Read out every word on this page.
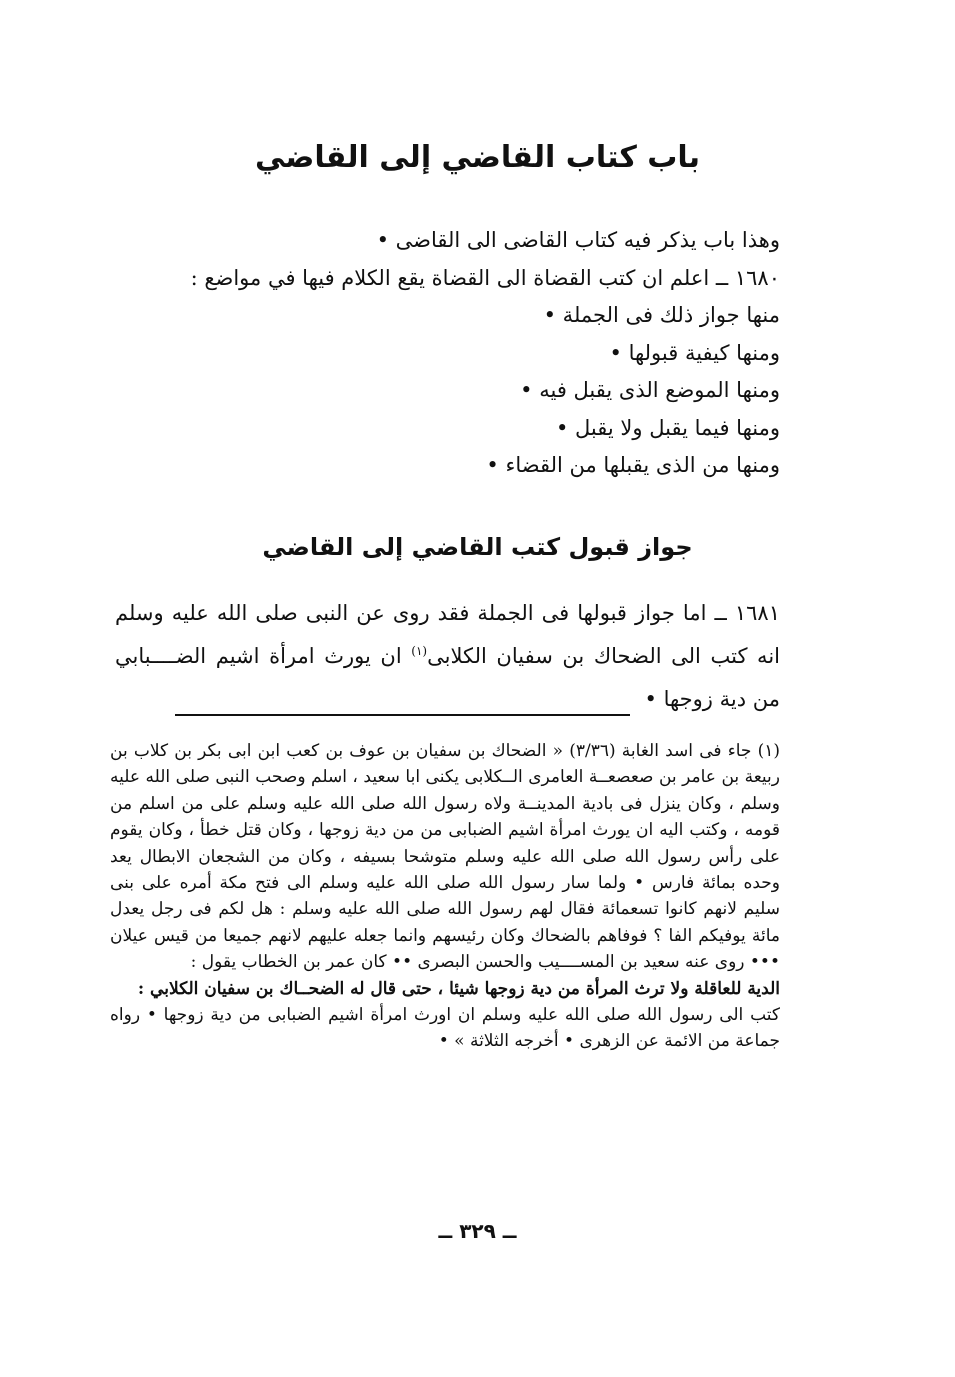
باب كتاب القاضي إلى القاضي
وهذا باب يذكر فيه كتاب القاضى الى القاضى •
١٦٨٠ ــ اعلم ان كتب القضاة الى القضاة يقع الكلام فيها في مواضع :
منها جواز ذلك فى الجملة •
ومنها كيفية قبولها •
ومنها الموضع الذى يقبل فيه •
ومنها فيما يقبل ولا يقبل •
ومنها من الذى يقبلها من القضاء •
جواز قبول كتب القاضي إلى القاضي

١٦٨١ ــ اما جواز قبولها فى الجملة فقد روى عن النبى صلى الله عليه وسلم انه كتب الى الضحاك بن سفيان الكلابى$^{(١)}$ ان يورث امرأة اشيم الضــــبابي من دية زوجها •

(١) جاء فى اسد الغابة (٣/٣٦) « الضحاك بن سفيان بن عوف بن كعب ابن ابى بكر بن كلاب بن ربيعة بن عامر بن صعصعــة العامرى الــكلابى يكنى ابا سعيد ، اسلم وصحب النبى صلى الله عليه وسلم ، وكان ينزل فى بادية المدينــة ولاه رسول الله صلى الله عليه وسلم على من اسلم من قومه ، وكتب اليه ان يورث امرأة اشيم الضبابى من من دية زوجها ، وكان قتل خطأ ، وكان يقوم على رأس رسول الله صلى الله عليه وسلم متوشحا بسيفه ، وكان من الشجعان الابطال يعد وحده بمائة فارس • ولما سار رسول الله صلى الله عليه وسلم الى فتح مكة أمره على بنى سليم لانهم كانوا تسعمائة فقال لهم رسول الله صلى الله عليه وسلم : هل لكم فى رجل يعدل مائة يوفيكم الفا ؟ فوفاهم بالضحاك وكان رئيسهم وانما جعله عليهم لانهم جميعا من قيس عيلان ••• روى عنه سعيد بن المســــيب والحسن البصرى •• كان عمر بن الخطاب يقول :

الدية للعاقلة ولا ترث المرأة من دية زوجها شيئا ، حتى قال له الضحــاك بن سفيان الكلابي :

كتب الى رسول الله صلى الله عليه وسلم ان اورث امرأة اشيم الضبابى من دية زوجها • رواه جماعة من الائمة عن الزهرى • أخرجه الثلاثة » •

ــ ٣٢٩ ــ
